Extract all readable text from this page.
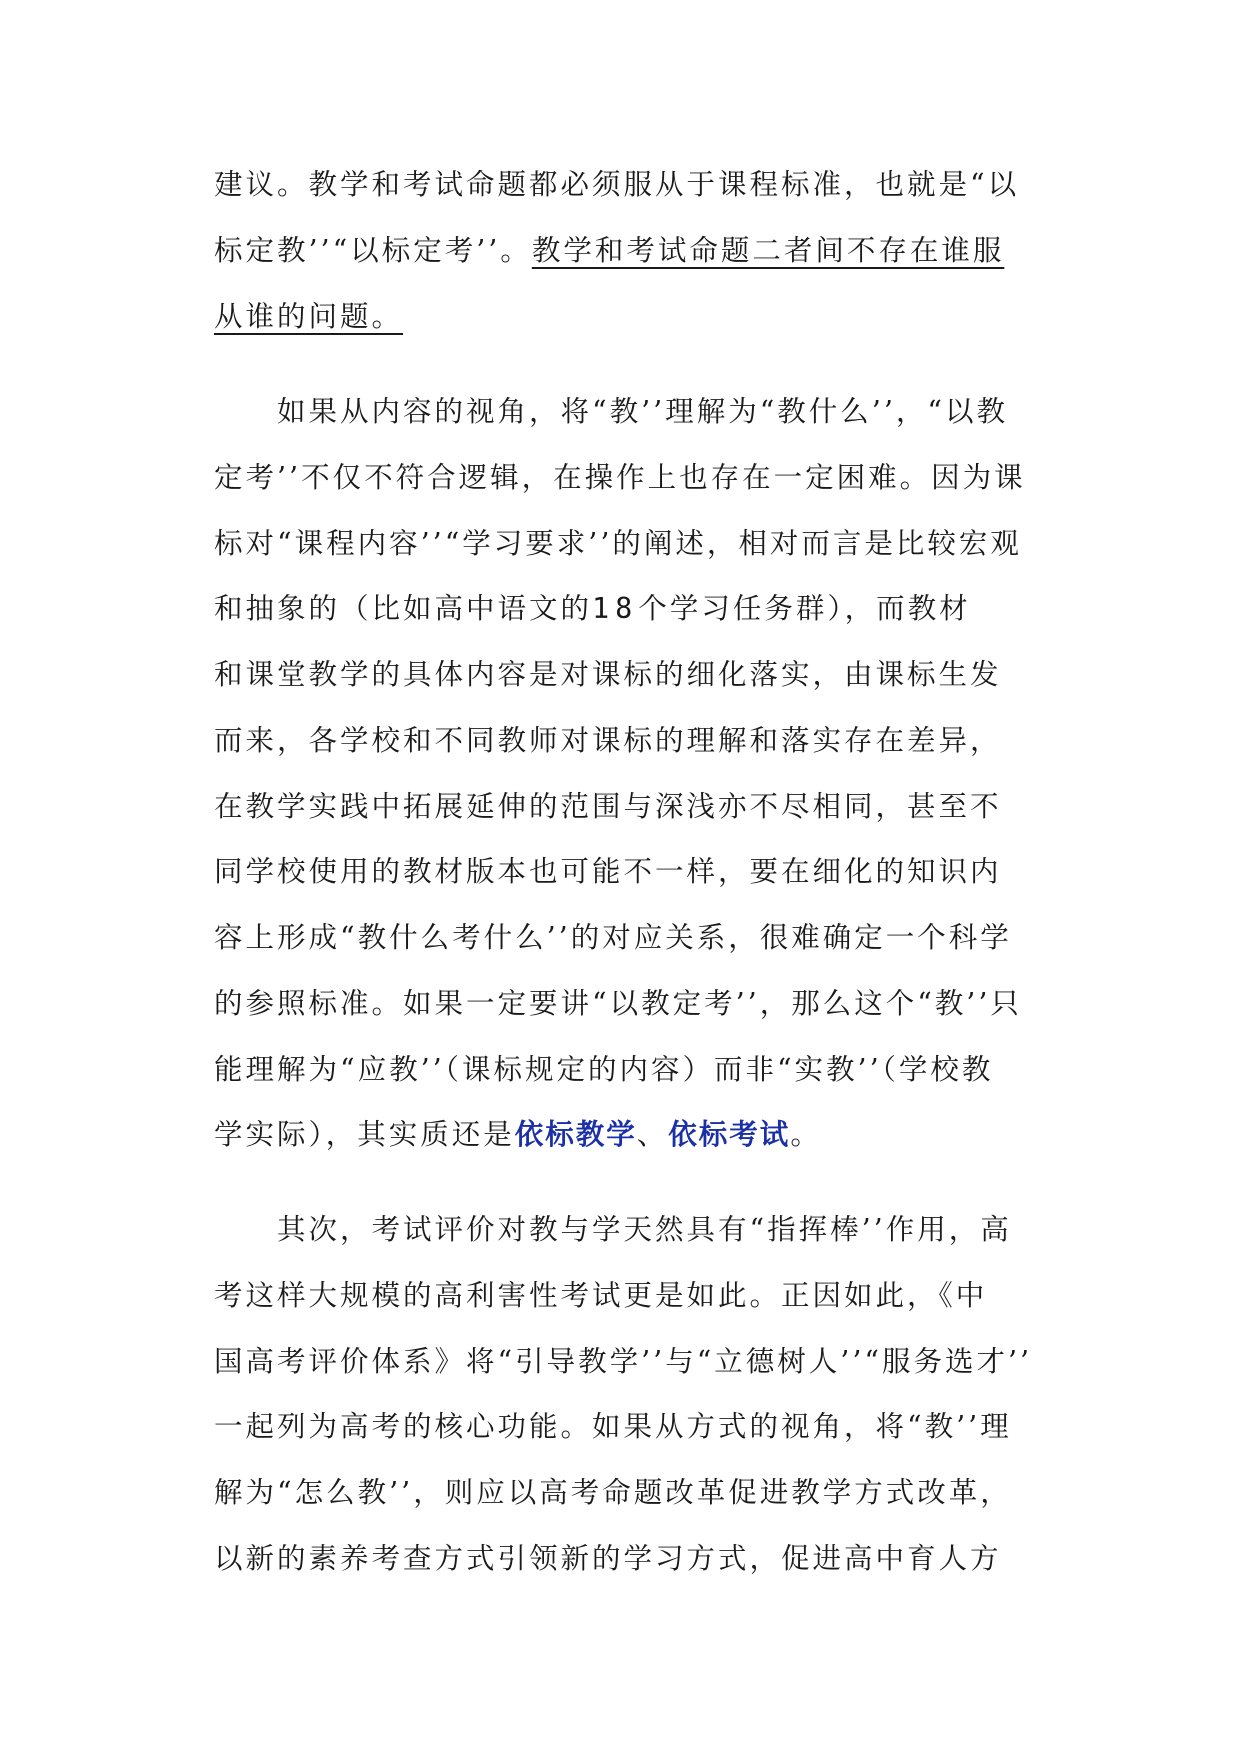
建议。教学和考试命题都必须服从于课程标准，也就是“以

标定教’’“以标定考’’。教学和考试命题二者间不存在谁服

从谁的问题。

如果从内容的视角，将“教’’理解为“教什么’’，“以教

定考’’不仅不符合逻辑，在操作上也存在一定困难。因为课

标对“课程内容’’“学习要求’’的阐述，相对而言是比较宏观

和抽象的（比如高中语文的18个学习任务群），而教材

和课堂教学的具体内容是对课标的细化落实，由课标生发

而来，各学校和不同教师对课标的理解和落实存在差异，

在教学实践中拓展延伸的范围与深浅亦不尽相同，甚至不

同学校使用的教材版本也可能不一样，要在细化的知识内

容上形成“教什么考什么’’的对应关系，很难确定一个科学

的参照标准。如果一定要讲“以教定考’’，那么这个“教’’只

能理解为“应教’’（课标规定的内容）而非“实教’’（学校教

学实际），其实质还是依标教学、依标考试。

其次，考试评价对教与学天然具有“指挥棒’’作用，高

考这样大规模的高利害性考试更是如此。正因如此，《中

国高考评价体系》将“引导教学’’与“立德树人’’“服务选才’’

一起列为高考的核心功能。如果从方式的视角，将“教’’理

解为“怎么教’’，则应以高考命题改革促进教学方式改革，

以新的素养考查方式引领新的学习方式，促进高中育人方
